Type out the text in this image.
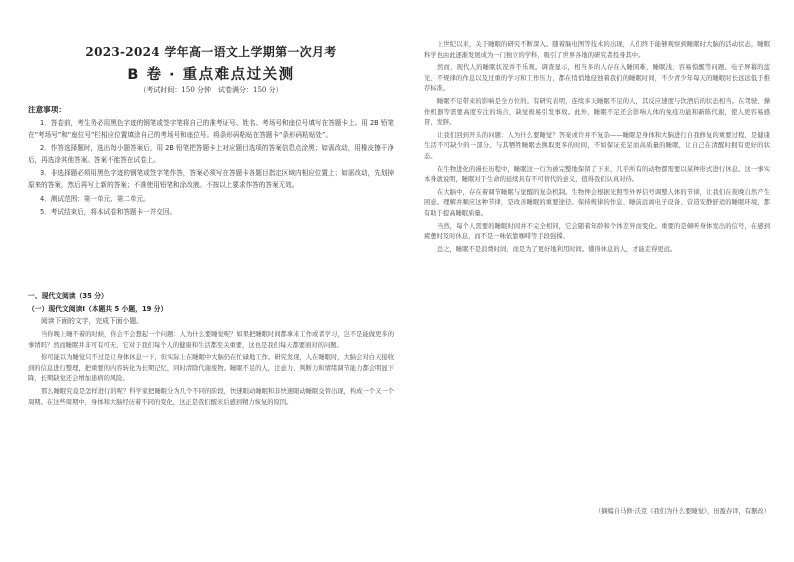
2023-2024 学年高一语文上学期第一次月考
B 卷 · 重点难点过关测
（考试时间：150 分钟　试卷满分：150 分）
注意事项：

1．答卷前，考生务必用黑色字迹的钢笔或签字笔将自己的准考证号、姓名、考场号和座位号填写在答题卡上。用 2B 铅笔在“考场号”和“座位号”栏相应位置填涂自己的考场号和座位号。将条形码粘贴在答题卡“条形码粘贴处”。

2．作答选择题时，选出每小题答案后，用 2B 铅笔把答题卡上对应题目选项的答案信息点涂黑；如需改动，用橡皮擦干净后，再选涂其他答案。答案不能答在试卷上。

3．非选择题必须用黑色字迹的钢笔或签字笔作答，答案必须写在答题卡各题目指定区域内相应位置上；如需改动，先划掉原来的答案，然后再写上新的答案；不准使用铅笔和涂改液。不按以上要求作答的答案无效。

4．测试范围：第一单元、第二单元。

5．考试结束后，将本试卷和答题卡一并交回。

一、现代文阅读（35 分）
（一）现代文阅读Ⅰ（本题共 5 小题，19 分）
阅读下面的文字，完成下面小题。

当你晚上睡不着的时候，你会不会想起一个问题：人为什么要睡觉呢？如果把睡眠时间都拿来工作或者学习，岂不是能做更多的事情吗？然而睡眠并非可有可无，它对于我们每个人的健康和生活都至关重要，这也是我们每天都要面对的问题。

你可能以为睡觉只不过是让身体休息一下，但实际上在睡眠中大脑仍在忙碌地工作。研究发现，人在睡眠时，大脑会对白天接收到的信息进行整理，把重要的内容转化为长期记忆，同时清除代谢废物。睡眠不足的人，注意力、判断力和情绪调节能力都会明显下降，长期缺觉还会增加患病的风险。

那么睡眠究竟是怎样进行的呢？科学家把睡眠分为几个不同的阶段，快速眼动睡眠和非快速眼动睡眠交替出现，构成一个又一个周期。在这些周期中，身体和大脑经历着不同的变化，这正是我们醒来后感到精力恢复的原因。

上世纪以来，关于睡眠的研究不断深入。随着脑电图等技术的出现，人们终于能够观察到睡眠时大脑的活动状态，睡眠科学也由此逐渐发展成为一门独立的学科，吸引了世界各地的研究者投身其中。

然而，现代人的睡眠状况并不乐观。调查显示，相当多的人存在入睡困难、睡眠浅、容易惊醒等问题。电子屏幕的蓝光、不规律的作息以及过重的学习和工作压力，都在悄悄地侵蚀着我们的睡眠时间，不少青少年每天的睡眠时长远远低于推荐标准。

睡眠不足带来的影响是全方位的。有研究表明，连续多天睡眠不足的人，其反应速度与饮酒后的状态相当。在驾驶、操作机器等需要高度专注的场合，缺觉极易引发事故。此外，睡眠不足还会影响人体的免疫功能和新陈代谢，使人更容易感冒、发胖。

让我们回到开头的问题：人为什么要睡觉？答案或许并不复杂——睡眠是身体和大脑进行自我修复的重要过程，是健康生活不可缺少的一部分。与其牺牲睡眠去换取更多的时间，不如保证充足而高质量的睡眠，让自己在清醒时拥有更好的状态。

在生物进化的漫长历程中，睡眠这一行为被完整地保留了下来，几乎所有的动物都需要以某种形式进行休息。这一事实本身就说明，睡眠对于生命的延续具有不可替代的意义，值得我们认真对待。

在大脑中，存在着调节睡眠与觉醒的复杂机制。生物钟会根据光照等外界信号调整人体的节律，让我们在夜晚自然产生困意。理解并顺应这种节律，是改善睡眠的重要途径。保持规律的作息、睡前远离电子设备、营造安静舒适的睡眠环境，都有助于提高睡眠质量。

当然，每个人需要的睡眠时间并不完全相同，它会随着年龄和个体差异而变化。重要的是倾听身体发出的信号，在感到疲惫时及时休息，而不是一味依靠咖啡等手段强撑。

总之，睡眠不是浪费时间，而是为了更好地利用时间。懂得休息的人，才能走得更远。

（摘编自马修·沃克《我们为什么要睡觉》，田盈春译，有删改）
